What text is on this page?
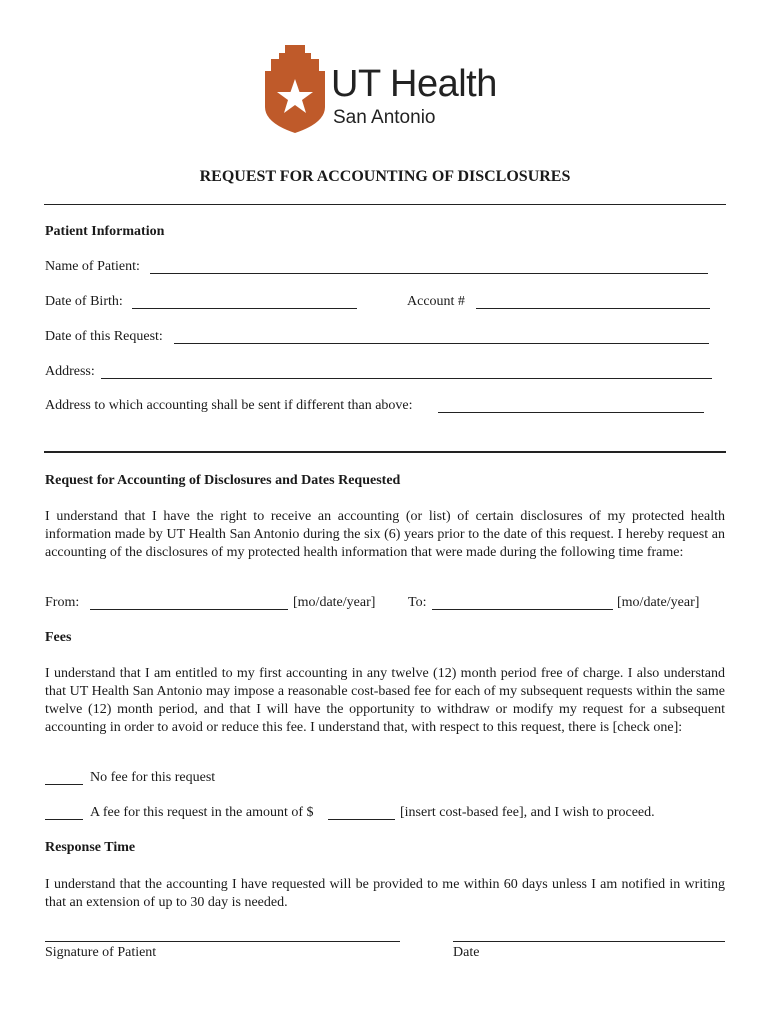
UT Health
San Antonio
REQUEST FOR ACCOUNTING OF DISCLOSURES
Patient Information
Name of Patient:
Date of Birth:	Account #
Date of this Request:
Address:
Address to which accounting shall be sent if different than above:
Request for Accounting of Disclosures and Dates Requested
I understand that I have the right to receive an accounting (or list) of certain disclosures of my protected health information made by UT Health San Antonio during the six (6) years prior to the date of this request. I hereby request an accounting of the disclosures of my protected health information that were made during the following time frame:
From:	[mo/date/year] To:	[mo/date/year]
Fees
I understand that I am entitled to my first accounting in any twelve (12) month period free of charge. I also understand that UT Health San Antonio may impose a reasonable cost-based fee for each of my subsequent requests within the same twelve (12) month period, and that I will have the opportunity to withdraw or modify my request for a subsequent accounting in order to avoid or reduce this fee. I understand that, with respect to this request, there is [check one]:
No fee for this request
A fee for this request in the amount of $	[insert cost-based fee], and I wish to proceed.
Response Time
I understand that the accounting I have requested will be provided to me within 60 days unless I am notified in writing that an extension of up to 30 day is needed.
Signature of Patient	Date
